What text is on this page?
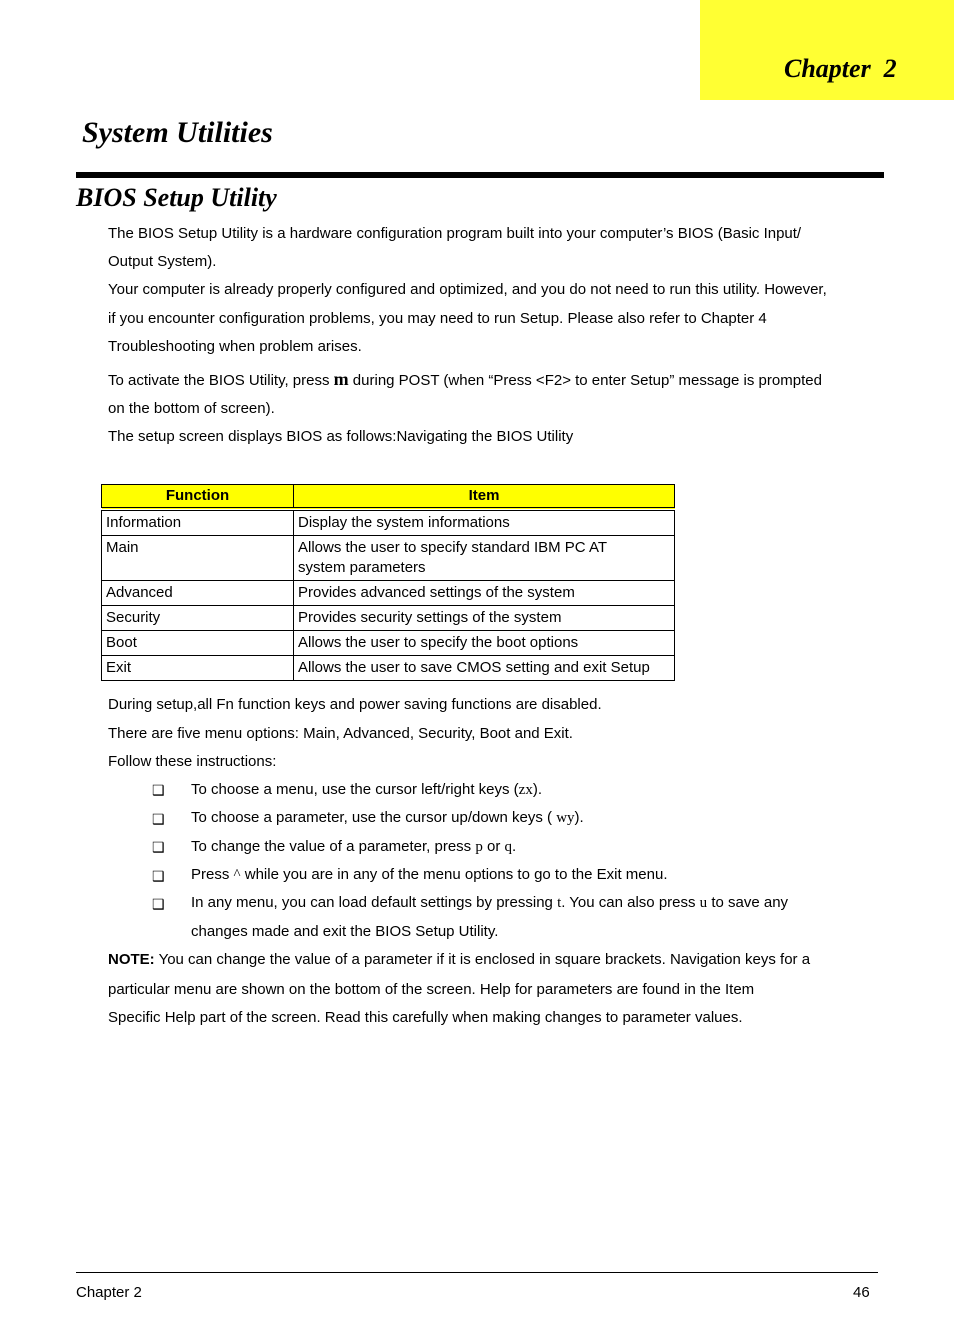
Chapter  2
System Utilities
BIOS Setup Utility
The BIOS Setup Utility is a hardware configuration program built into your computer’s BIOS (Basic Input/
Output System).
Your computer is already properly configured and optimized, and you do not need to run this utility. However,
if you encounter configuration problems, you may need to run Setup. Please also refer to Chapter 4
Troubleshooting when problem arises.
To activate the BIOS Utility, press m during POST (when “Press <F2> to enter Setup” message is prompted
on the bottom of screen).
The setup screen displays BIOS as follows:Navigating the BIOS Utility
Function	Item
Information	Display the system informations
Main	Allows the user to specify standard IBM PC AT system parameters
Advanced	Provides advanced settings of the system
Security	Provides security settings of the system
Boot	Allows the user to specify the boot options
Exit	Allows the user to save CMOS setting and exit Setup
During setup,all Fn function keys and power saving functions are disabled.
There are five menu options: Main, Advanced, Security, Boot and Exit.
Follow these instructions:
❑ To choose a menu, use the cursor left/right keys (zx).
❑ To choose a parameter, use the cursor up/down keys ( wy).
❑ To change the value of a parameter, press p or q.
❑ Press ^ while you are in any of the menu options to go to the Exit menu.
❑ In any menu, you can load default settings by pressing t. You can also press u to save any
changes made and exit the BIOS Setup Utility.
NOTE: You can change the value of a parameter if it is enclosed in square brackets. Navigation keys for a
particular menu are shown on the bottom of the screen. Help for parameters are found in the Item
Specific Help part of the screen. Read this carefully when making changes to parameter values.
Chapter 2	46
